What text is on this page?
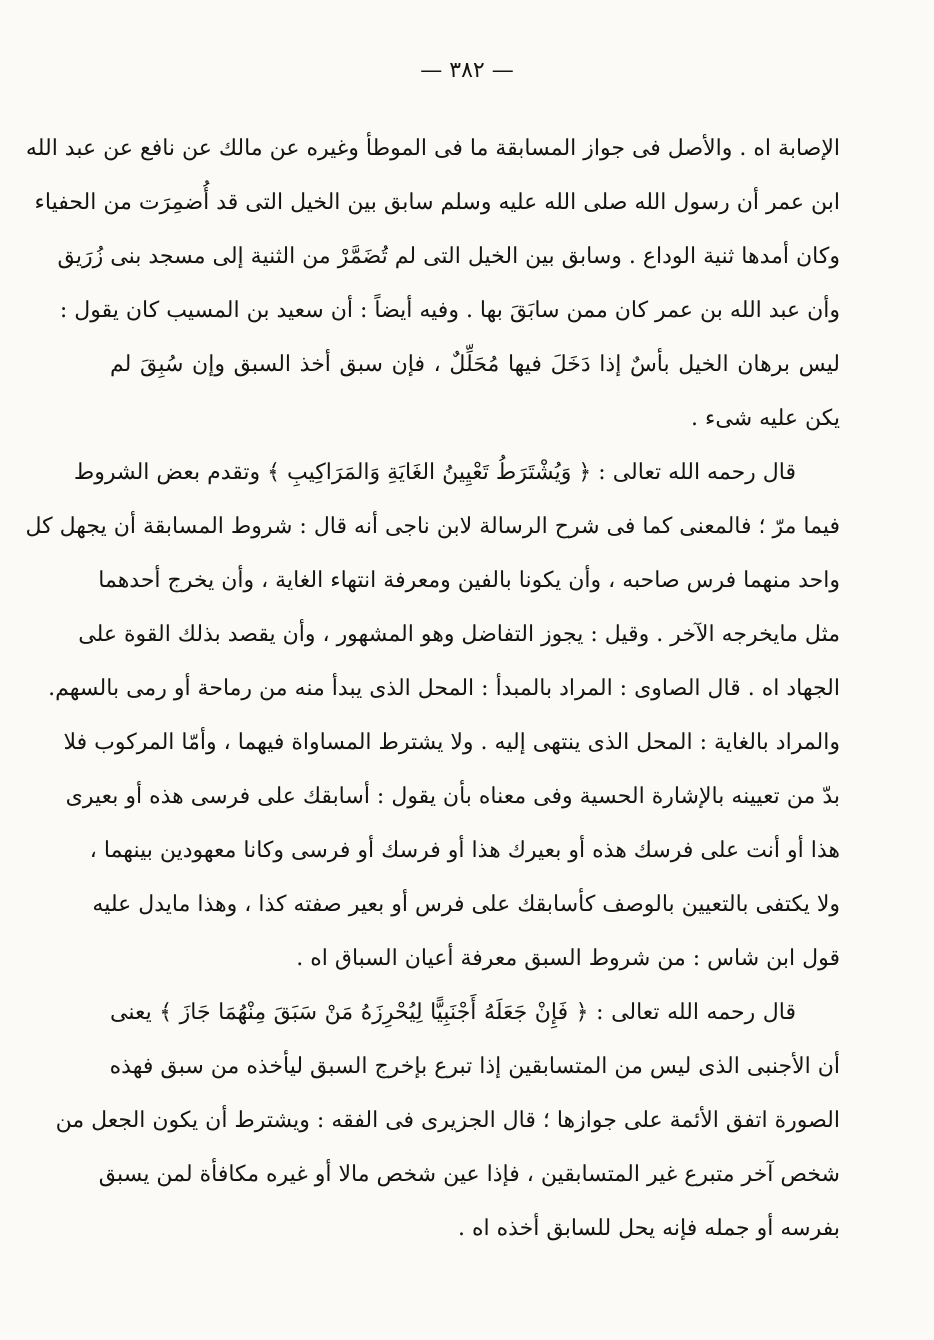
— ٣٨٢ —
الإصابة اه . والأصل فى جواز المسابقة ما فى الموطأ وغيره عن مالك عن نافع عن عبد الله
ابن عمر أن رسول الله صلى الله عليه وسلم سابق بين الخيل التى قد أُضمِرَت من الحفياء
وكان أمدها ثنية الوداع . وسابق بين الخيل التى لم تُضَمَّرْ من الثنية إلى مسجد بنى زُرَيق
وأن عبد الله بن عمر كان ممن سابَقَ بها . وفيه أيضاً : أن سعيد بن المسيب كان يقول :
ليس برهان الخيل بأسٌ إذا دَخَلَ فيها مُحَلِّلٌ ، فإن سبق أخذ السبق وإن سُبِقَ لم
يكن عليه شىء .
قال رحمه الله تعالى : ﴿ وَيُشْتَرَطُ تَعْيِينُ الغَايَةِ وَالمَرَاكِيبِ ﴾ وتقدم بعض الشروط
فيما مرّ ؛ فالمعنى كما فى شرح الرسالة لابن ناجى أنه قال : شروط المسابقة أن يجهل كل
واحد منهما فرس صاحبه ، وأن يكونا بالفين ومعرفة انتهاء الغاية ، وأن يخرج أحدهما
مثل مايخرجه الآخر . وقيل : يجوز التفاضل وهو المشهور ، وأن يقصد بذلك القوة على
الجهاد اه . قال الصاوى : المراد بالمبدأ : المحل الذى يبدأ منه من رماحة أو رمى بالسهم.
والمراد بالغاية : المحل الذى ينتهى إليه . ولا يشترط المساواة فيهما ، وأمّا المركوب فلا
بدّ من تعيينه بالإشارة الحسية وفى معناه بأن يقول : أسابقك على فرسى هذه أو بعيرى
هذا أو أنت على فرسك هذه أو بعيرك هذا أو فرسك أو فرسى وكانا معهودين بينهما ،
ولا يكتفى بالتعيين بالوصف كأسابقك على فرس أو بعير صفته كذا ، وهذا مايدل عليه
قول ابن شاس : من شروط السبق معرفة أعيان السباق اه .
قال رحمه الله تعالى : ﴿ فَإِنْ جَعَلَهُ أَجْنَبِيًّا لِيُحْرِزَهُ مَنْ سَبَقَ مِنْهُمَا جَازَ ﴾ يعنى
أن الأجنبى الذى ليس من المتسابقين إذا تبرع بإخرج السبق ليأخذه من سبق فهذه
الصورة اتفق الأئمة على جوازها ؛ قال الجزيرى فى الفقه : ويشترط أن يكون الجعل من
شخص آخر متبرع غير المتسابقين ، فإذا عين شخص مالا أو غيره مكافأة لمن يسبق
بفرسه أو جمله فإنه يحل للسابق أخذه اه .
